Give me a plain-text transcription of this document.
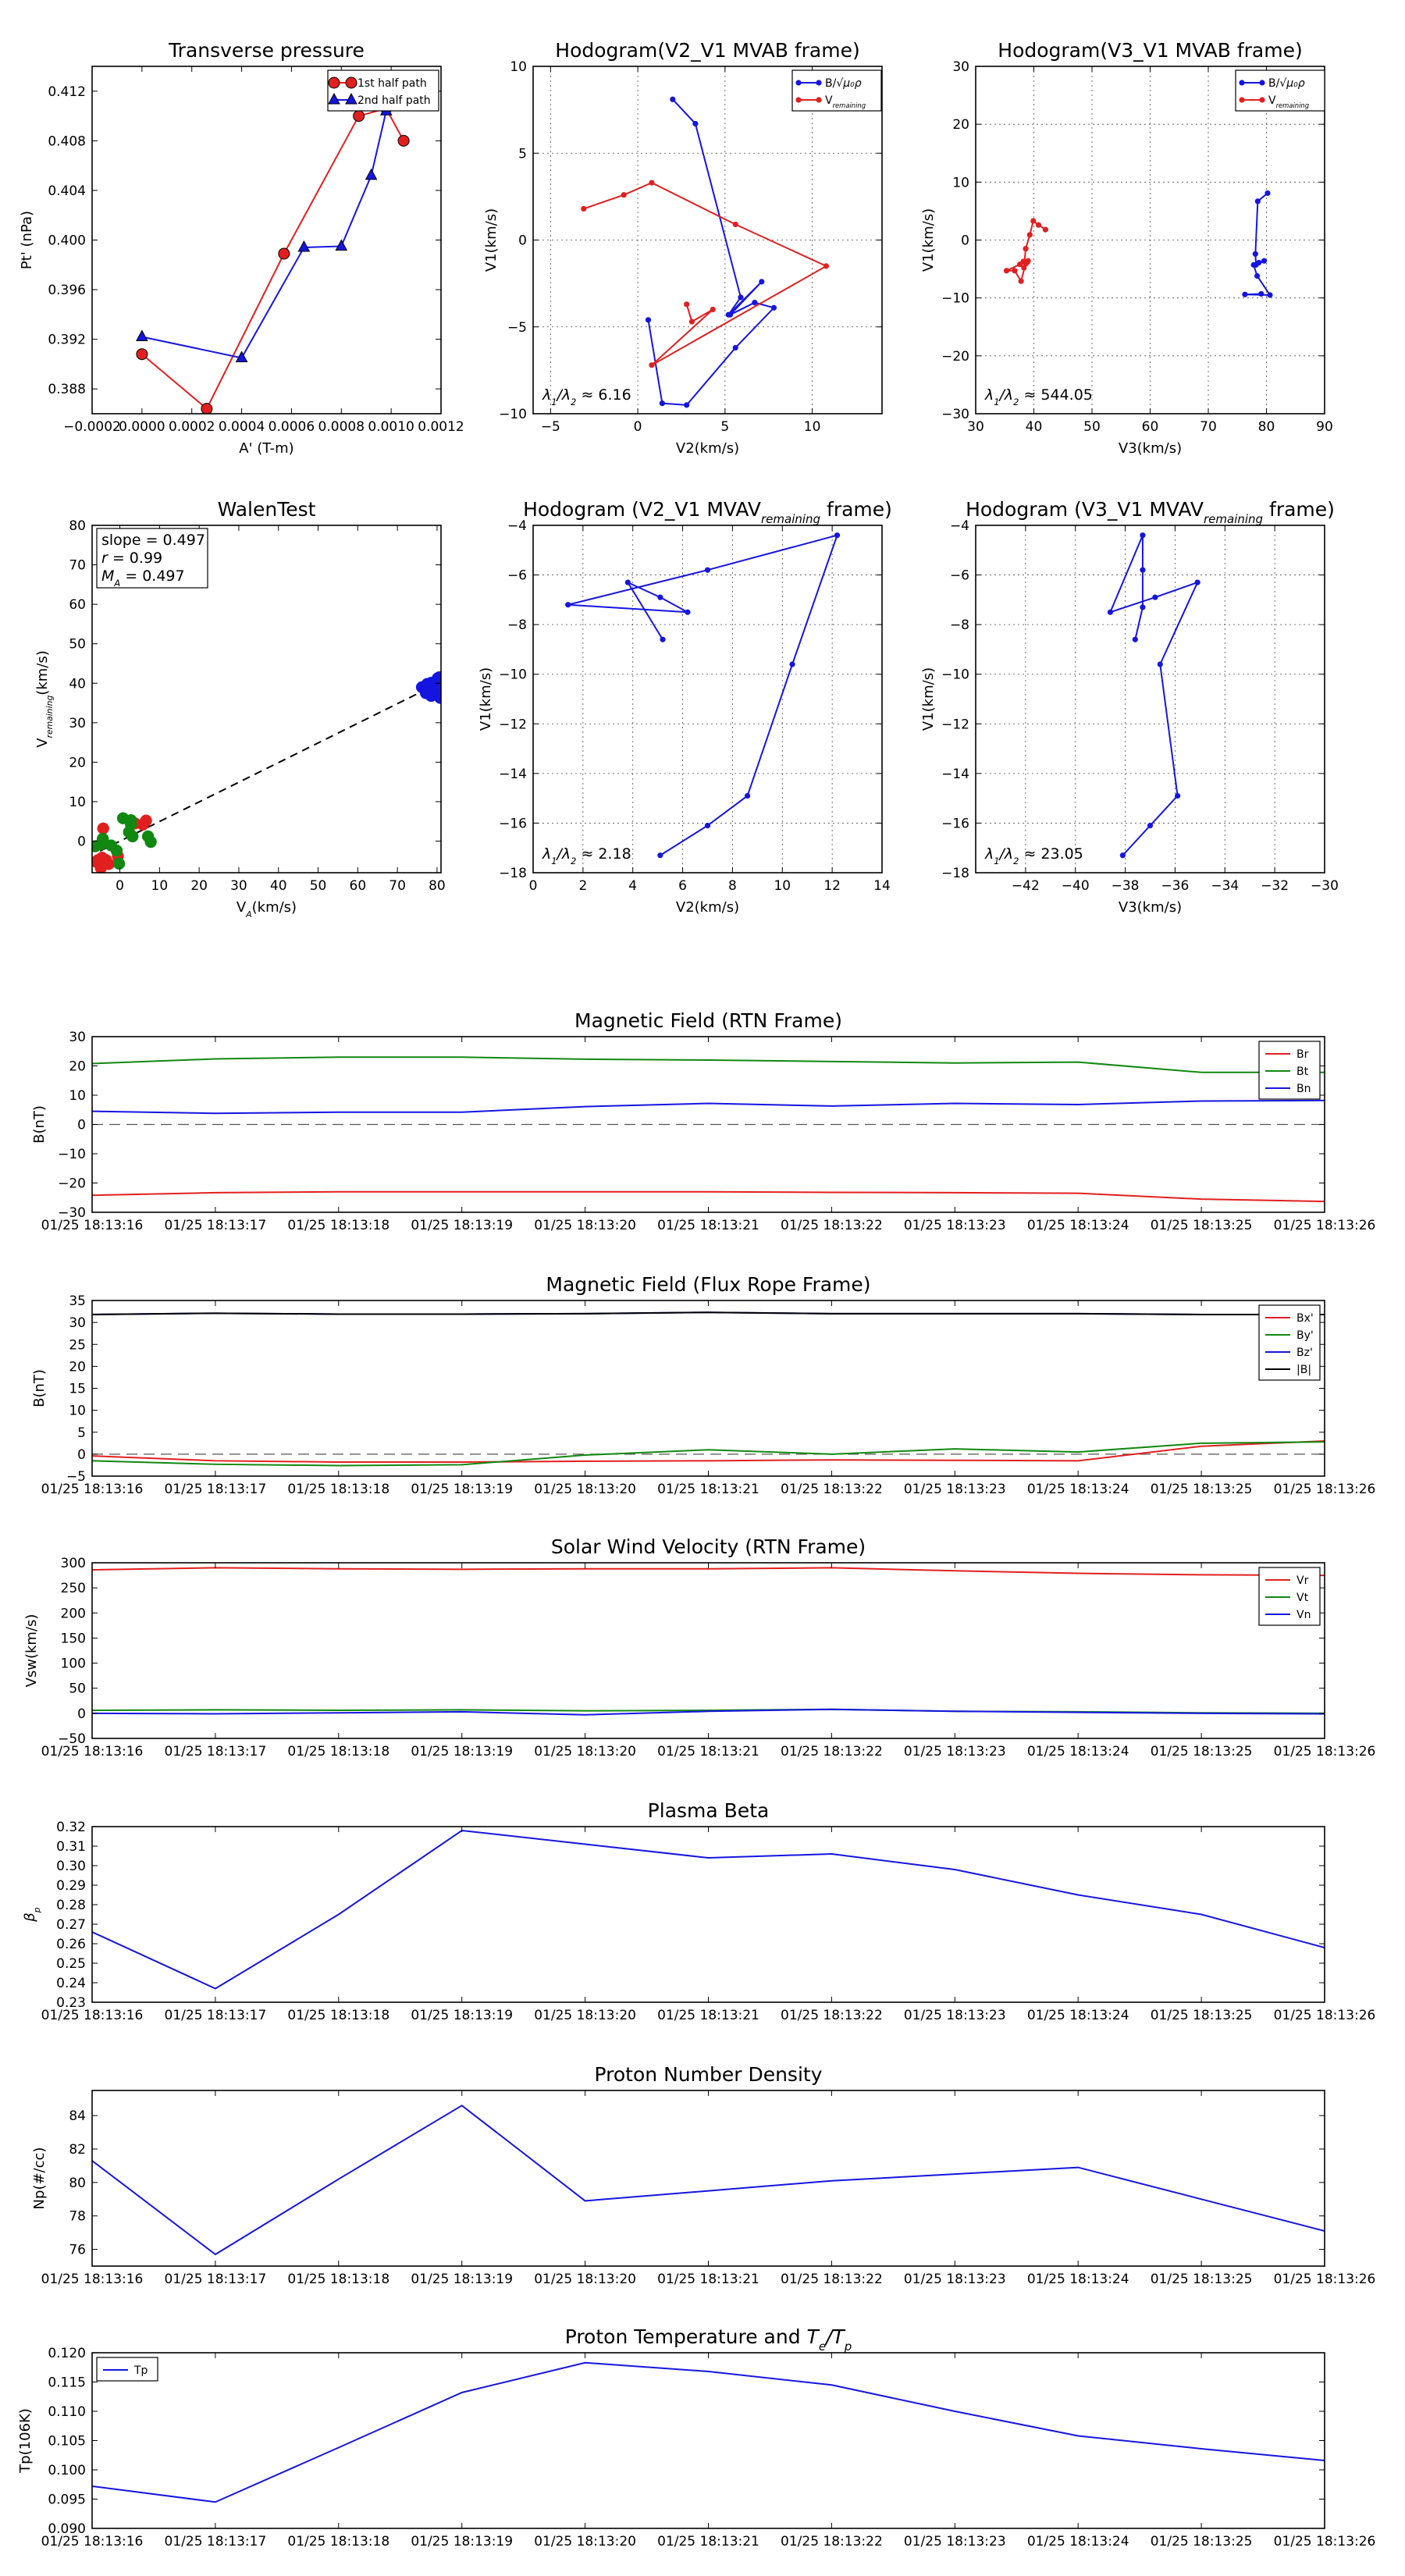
Transverse pressure
A' (T-m)
Pt' (nPa)
−0.0002
0.0000 0.0002 0.0004 0.0006 0.0008 0.0010 0.0012
0.388
0.392
0.396
0.400
0.404
0.408
0.412
1st half path
2nd half path
Hodogram(V2_V1 MVAB frame)
V2(km/s)
V1(km/s)
−5	0	5	10
−10
−5
0
5
10
B/√μ₀ρ
$V_{remaining}$
$\lambda_1/\lambda_2 \approx 6.16$
Hodogram(V3_V1 MVAB frame)
V3(km/s)
V1(km/s)
30	40	50	60	70	80	90
−30
−20
−10
0
10
20
30
B/√μ₀ρ
$V_{remaining}$
$\lambda_1/\lambda_2 \approx 544.05$
WalenTest
$V_A(km/s)$
$V_{remaining}(km/s)$
0 10 20 30 40 50 60 70 80
0
10
20
30
40
50
60
70
80
slope = 0.497
r = 0.99
$M_A = 0.497$
Hodogram (V2_V1 $MVAV_{remaining}$ frame)
V2(km/s)
V1(km/s)
0	2	4	6	8	10 12 14
−18
−16
−14
−12
−10
−8
−6
−4
$\lambda_1/\lambda_2 \approx 2.18$
Hodogram (V3_V1 $MVAV_{remaining}$ frame)
V3(km/s)
V1(km/s)
−42 −40 −38 −36 −34 −32 −30
−18
−16
−14
−12
−10
−8
−6
−4
$\lambda_1/\lambda_2 \approx 23.05$
Magnetic Field (RTN Frame)
B(nT)
01/25 18:13:16 01/25 18:13:17 01/25 18:13:18 01/25 18:13:19 01/25 18:13:20 01/25 18:13:21 01/25 18:13:22 01/25 18:13:23 01/25 18:13:24 01/25 18:13:25 01/25 18:13:26
−30
−20
−10
0
10
20
30
Br
Bt
Bn
Magnetic Field (Flux Rope Frame)
B(nT)
01/25 18:13:16 01/25 18:13:17 01/25 18:13:18 01/25 18:13:19 01/25 18:13:20 01/25 18:13:21 01/25 18:13:22 01/25 18:13:23 01/25 18:13:24 01/25 18:13:25 01/25 18:13:26
−5
0
5
10
15
20
25
30
35
Bx'
By'
Bz'
|B|
Solar Wind Velocity (RTN Frame)
Vsw(km/s)
01/25 18:13:16 01/25 18:13:17 01/25 18:13:18 01/25 18:13:19 01/25 18:13:20 01/25 18:13:21 01/25 18:13:22 01/25 18:13:23 01/25 18:13:24 01/25 18:13:25 01/25 18:13:26
−50
0
50
100
150
200
250
300
Vr
Vt
Vn
Plasma Beta
$\beta_p$
01/25 18:13:16 01/25 18:13:17 01/25 18:13:18 01/25 18:13:19 01/25 18:13:20 01/25 18:13:21 01/25 18:13:22 01/25 18:13:23 01/25 18:13:24 01/25 18:13:25 01/25 18:13:26
0.23
0.24
0.25
0.26
0.27
0.28
0.29
0.30
0.31
0.32
Proton Number Density
Np(#/cc)
01/25 18:13:16 01/25 18:13:17 01/25 18:13:18 01/25 18:13:19 01/25 18:13:20 01/25 18:13:21 01/25 18:13:22 01/25 18:13:23 01/25 18:13:24 01/25 18:13:25 01/25 18:13:26
76
78
80
82
84
Proton Temperature and $T_e/T_p$
Tp(106K)
01/25 18:13:16 01/25 18:13:17 01/25 18:13:18 01/25 18:13:19 01/25 18:13:20 01/25 18:13:21 01/25 18:13:22 01/25 18:13:23 01/25 18:13:24 01/25 18:13:25 01/25 18:13:26
0.090
0.095
0.100
0.105
0.110
0.115
0.120
Tp
